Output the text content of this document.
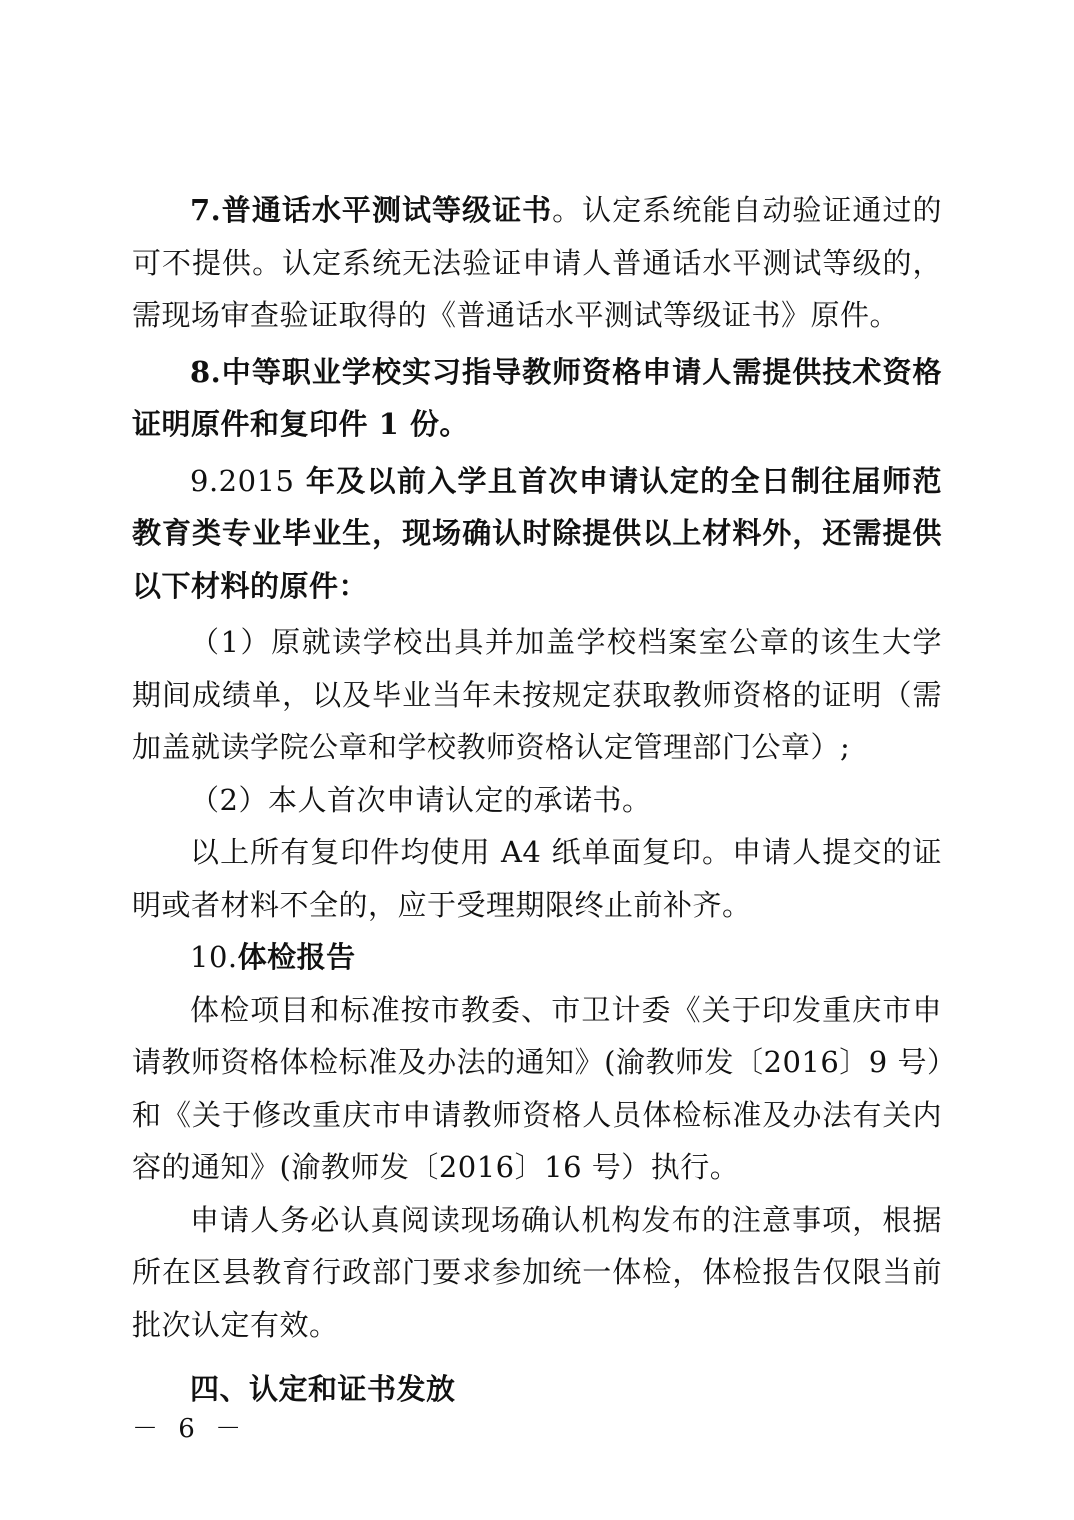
7.普通话水平测试等级证书。认定系统能自动验证通过的可不提供。认定系统无法验证申请人普通话水平测试等级的，需现场审查验证取得的《普通话水平测试等级证书》原件。

8.中等职业学校实习指导教师资格申请人需提供技术资格证明原件和复印件 1 份。

9.2015 年及以前入学且首次申请认定的全日制往届师范教育类专业毕业生，现场确认时除提供以上材料外，还需提供以下材料的原件：

（1）原就读学校出具并加盖学校档案室公章的该生大学期间成绩单，以及毕业当年未按规定获取教师资格的证明（需加盖就读学院公章和学校教师资格认定管理部门公章）;

（2）本人首次申请认定的承诺书。

以上所有复印件均使用 A4 纸单面复印。申请人提交的证明或者材料不全的，应于受理期限终止前补齐。

10.体检报告

体检项目和标准按市教委、市卫计委《关于印发重庆市申请教师资格体检标准及办法的通知》(渝教师发〔2016〕9 号）和《关于修改重庆市申请教师资格人员体检标准及办法有关内容的通知》(渝教师发〔2016〕16 号）执行。

申请人务必认真阅读现场确认机构发布的注意事项，根据所在区县教育行政部门要求参加统一体检，体检报告仅限当前批次认定有效。

四、认定和证书发放

－ 6 －
